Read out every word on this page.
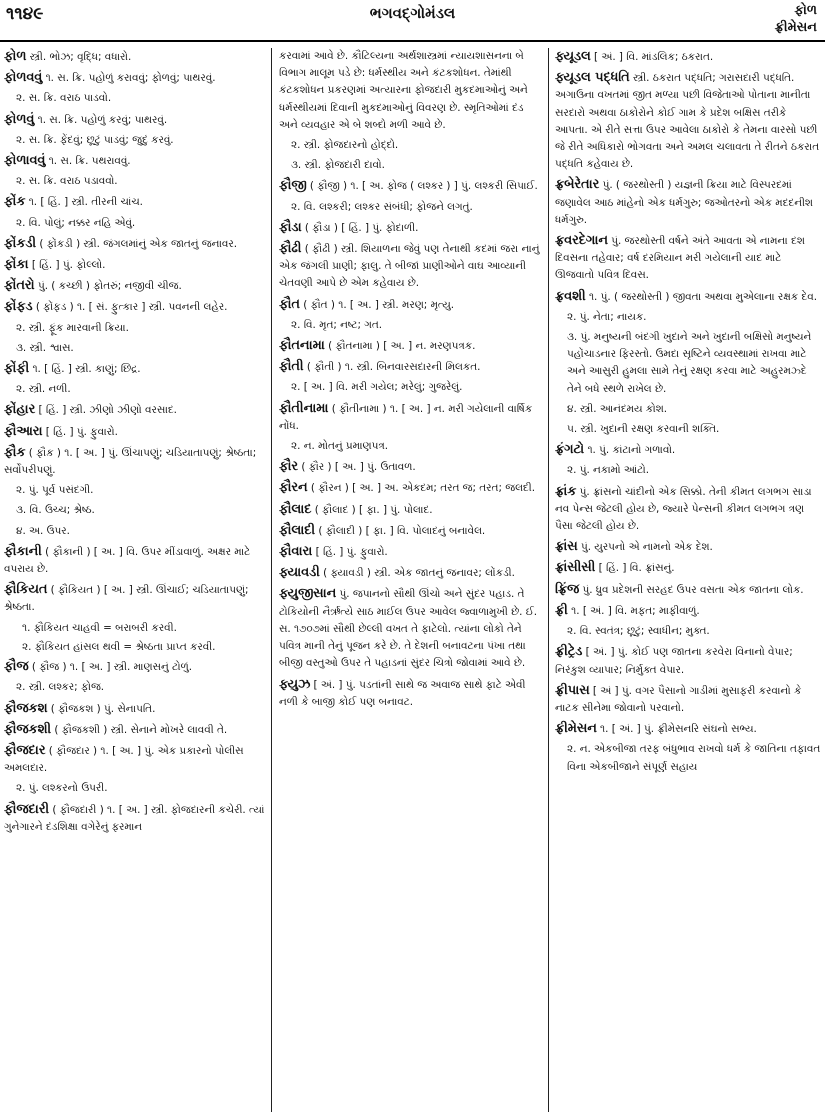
૧૧૪૯	ભગવદ્ગોમંડલ	ફોળ
ફ્રીમેસન
ફોળ સ્ત્રી. ભોઝ; વૃદ્ધિ; વધારો.
ફોળવવું ૧. સ. ક્રિ. પહોળું કરાવવું; ફોળવું; પાથરવું.
૨. સ. ક્રિ. વરાઠ પાડવો.
ફોળવું ૧. સ. ક્રિ. પહોળું કરવું; પાથરવું.
૨. સ. ક્રિ. ફેંદવું; છૂટું પાડવું; જુદું કરવું.
ફોળાવવું ૧. સ. ક્રિ. પથરાવવું.
૨. સ. ક્રિ. વરાઠ પડાવવો.
ફોંક ૧. [ હિં. ] સ્ત્રી. તીરની ચાંચ.
૨. વિ. પોલું; નક્કર નહિ એવું.
ફોંકડી ( ફોંકડી ) સ્ત્રી. જંગલમાંનું એક જાતનું જનાવર.
ફોંકા [ હિં. ] પું. ફોલ્લો.
ફોંતરો પું. ( કચ્છી ) ફોતરું; નજીવી ચીજ.
ફોંફડ ( ફોંફડ ) ૧. [ સં. ફુત્કાર ] સ્ત્રી. પવનની લહેર.
૨. સ્ત્રી. ફૂંક મારવાની ક્રિયા.
૩. સ્ત્રી. શ્વાસ.
ફોંફી ૧. [ હિં. ] સ્ત્રી. કાણું; છિદ્ર.
૨. સ્ત્રી. નળી.
ફોંહાર [ હિં. ] સ્ત્રી. ઝીણો ઝીણો વરસાદ.
ફૌઆરા [ હિં. ] પું. ફુવારો.
ફૌક ( ફૌક઼ ) ૧. [ અ. ] પું. ઊંચાપણું; ચડિયાતાપણું; શ્રેષ્ઠતા; સર્વોપરીપણું.
૨. પું. પૂર્વ પસંદગી.
૩. વિ. ઉચ્ચ; શ્રેષ્ઠ.
૪. અ. ઉપર.
ફૌકાની ( ફૌકાની ) [ અ. ] વિ. ઉપર મીંડાવાળું. અક્ષર માટે વપરાય છે.
ફૌકિયત ( ફૌકિયત ) [ અ. ] સ્ત્રી. ઊંચાઈ; ચડિયાતાપણું; શ્રેષ્ઠતા.
૧. ફૌકિયત ચાહવી = બરાબરી કરવી.
૨. ફૌકિયત હાંસલ થવી = શ્રેષ્ઠતા પ્રાપ્ત કરવી.
ફૌજ ( ફૌજ ) ૧. [ અ. ] સ્ત્રી. માણસનું ટોળું.
૨. સ્ત્રી. લશ્કર; ફોજ.
ફૌજકશ ( ફૌજકશ ) પું. સેનાપતિ.
ફૌજકશી ( ફૌજકશી ) સ્ત્રી. સેનાને મોખરે લાવવી તે.
ફૌજદાર ( ફૌજદાર ) ૧. [ અ. ] પું. એક પ્રકારનો પોલીસ અમલદાર.
૨. પું. લશ્કરનો ઉપરી.
ફૌજદારી ( ફૌજદારી ) ૧. [ અ. ] સ્ત્રી. ફોજદારની કચેરી. ત્યાં ગુનેગારને દંડશિક્ષા વગેરેનું ફરમાન
કરવામાં આવે છે. કૌટિલ્યના અર્થશાસ્ત્રમાં ન્યાયશાસનના બે વિભાગ માલૂમ પડે છે: ધર્મસ્થીય અને કંટકશોધન. તેમાંથી કંટકશોધન પ્રકરણમાં અત્યારના ફોજદારી મુકદમાઓનું અને ધર્મસ્થીયમાં દિવાની મુકદમાઓનું વિવરણ છે. સ્મૃતિઓમાં દંડ અને વ્યવહાર એ બે શબ્દો મળી આવે છે.
૨. સ્ત્રી. ફોજદારનો હોદ્દો.
૩. સ્ત્રી. ફોજદારી દાવો.
ફૌજી ( ફૌજી ) ૧. [ અ. ફોજ ( લશ્કર ) ] પું. લશ્કરી સિપાઈ.
૨. વિ. લશ્કરી; લશ્કર સંબંધી; ફોજને લગતું.
ફૌડા ( ફૌડા ) [ હિં. ] પું. ફોદાળી.
ફૌઢી ( ફૌઢી ) સ્ત્રી. શિયાળના જેવું પણ તેનાથી કદમાં જરા નાનું એક જંગલી પ્રાણી; ફાલુ. તે બીજાં પ્રાણીઓને વાઘ આવ્યાની ચેતવણી આપે છે એમ કહેવાય છે.
ફૌત ( ફૌત ) ૧. [ અ. ] સ્ત્રી. મરણ; મૃત્યુ.
૨. વિ. મૃત; નષ્ટ; ગત.
ફૌતનામા ( ફૌતનામા ) [ અ. ] ન. મરણપત્રક.
ફૌતી ( ફૌતી ) ૧. સ્ત્રી. બિનવારસદારની મિલકત.
૨. [ અ. ] વિ. મરી ગયેલ; મરેલું; ગુજરેલું.
ફૌતીનામા ( ફૌતીનામા ) ૧. [ અ. ] ન. મરી ગયેલાની વાર્ષિક નોંધ.
૨. ન. મોતનું પ્રમાણપત્ર.
ફૌર ( ફૌર ) [ અ. ] પું. ઉતાવળ.
ફૌરન ( ફૌરન ) [ અ. ] અ. એકદમ; તરત જ; તરત; જલદી.
ફૌલાદ ( ફૌલાદ ) [ ફા. ] પું. પોલાદ.
ફૌલાદી ( ફૌલાદી ) [ ફા. ] વિ. પોલાદનું બનાવેલ.
ફૌવારા [ હિં. ] પું. ફુવારો.
ફ્યાવડી ( ફ્યાવડી ) સ્ત્રી. એક જાતનું જનાવર; લોંકડી.
ફ્યુજીસાન પું. જપાનનો સૌથી ઊંચો અને સુંદર પહાડ. તે ટોકિયોની નૈર્ઋત્યે સાઠ માઈલ ઉપર આવેલ જ્વાળામુખી છે. ઈ. સ. ૧૭૦૭માં સૌથી છેલ્લી વખત તે ફાટેલો. ત્યાંના લોકો તેને પવિત્ર માની તેનું પૂજન કરે છે. તે દેશની બનાવટના પંખા તથા બીજી વસ્તુઓ ઉપર તે પહાડનાં સુંદર ચિત્રો જોવામાં આવે છે.
ફ્યુઝ [ અં. ] પું. પડતાંની સાથે જ અવાજ સાથે ફાટે એવી નળી કે બાજી કોઈ પણ બનાવટ.
ફ્યૂડલ [ અં. ] વિ. માંડલિક; ઠકરાત.
ફ્યૂડલ પદ્ધતિ સ્ત્રી. ઠકરાત પદ્ધતિ; ગરાસદારી પદ્ધતિ. અગાઉના વખતમાં જીત મળ્યા પછી વિજેતાઓ પોતાના માનીતા સરદારો અથવા ઠાકોરોને કોઈ ગામ કે પ્રદેશ બક્ષિસ તરીકે આપતા. એ રીતે સત્તા ઉપર આવેલા ઠાકોરો કે તેમના વારસો પછી જે રીતે અધિકારો ભોગવતા અને અમલ ચલાવતા તે રીતને ઠકરાત પદ્ધતિ કહેવાય છે.
ફ્રબેરેતાર પું. ( જરથોસ્તી ) યજ્ઞની ક્રિયા માટે વિસ્પરદમાં જણાવેલ આઠ માંહેનો એક ધર્મગુરુ; જઓતરનો એક મદદનીશ ધર્મગુરુ.
ફ્રવરદેગાન પું. જરથોસ્તી વર્ષને અંતે આવતા એ નામના દશ દિવસના તહેવાર; વર્ષ દરમિયાન મરી ગયેલાની યાદ માટે ઊજવાતો પવિત્ર દિવસ.
ફ્રવશી ૧. પું. ( જરથોસ્તી ) જીવતા અથવા મુએલાના રક્ષક દેવ.
૨. પું. નેતા; નાયક.
૩. પું. મનુષ્યની બંદગી ખુદાને અને ખુદાની બક્ષિસો મનુષ્યને પહોંચાડનાર ફિરસ્તો. ઉમદા સૃષ્ટિને વ્યવસ્થામાં રાખવા માટે અને આસુરી હુમલા સામે તેનું રક્ષણ કરવા માટે અહુરમઝ્દે તેને બધે સ્થળે રાખેલ છે.
૪. સ્ત્રી. આનંદમય કોશ.
૫. સ્ત્રી. ખુદાની રક્ષણ કરવાની શક્તિ.
ફ્રંગટો ૧. પું. કાંટાનો ગળાવો.
૨. પું. નકામો આંટો.
ફ્રાંક પું. ફ્રાંસનો ચાંદીનો એક સિક્કો. તેની કીમત લગભગ સાડા નવ પેન્સ જેટલી હોય છે, જ્યારે પેન્સની કીમત લગભગ ત્રણ પૈસા જેટલી હોય છે.
ફ્રાંસ પું. યુરપનો એ નામનો એક દેશ.
ફ્રાંસીસી [ હિં. ] વિ. ફ્રાંસનું.
ફ્રિંજ પું. ધ્રુવ પ્રદેશની સરહદ ઉપર વસતા એક જાતના લોક.
ફ્રી ૧. [ અં. ] વિ. મફત; માફીવાળું.
૨. વિ. સ્વતંત્ર; છૂટું; સ્વાધીન; મુક્ત.
ફ્રીટ્રેડ [ અં. ] પું. કોઈ પણ જાતના કરવેરા વિનાનો વેપાર; નિરંકુશ વ્યાપાર; નિર્મુક્ત વેપાર.
ફ્રીપાસ [ અં ] પું. વગર પૈસાનો ગાડીમાં મુસાફરી કરવાનો કે નાટક સીનેમા જોવાનો પરવાનો.
ફ્રીમેસન ૧. [ અં. ] પું. ફ્રીમેસનરિ સંઘનો સભ્ય.
૨. ન. એકબીજા તરફ બંધુભાવ રાખવો ધર્મ કે જાતિના તફાવત વિના એકબીજાને સંપૂર્ણ સહાય
